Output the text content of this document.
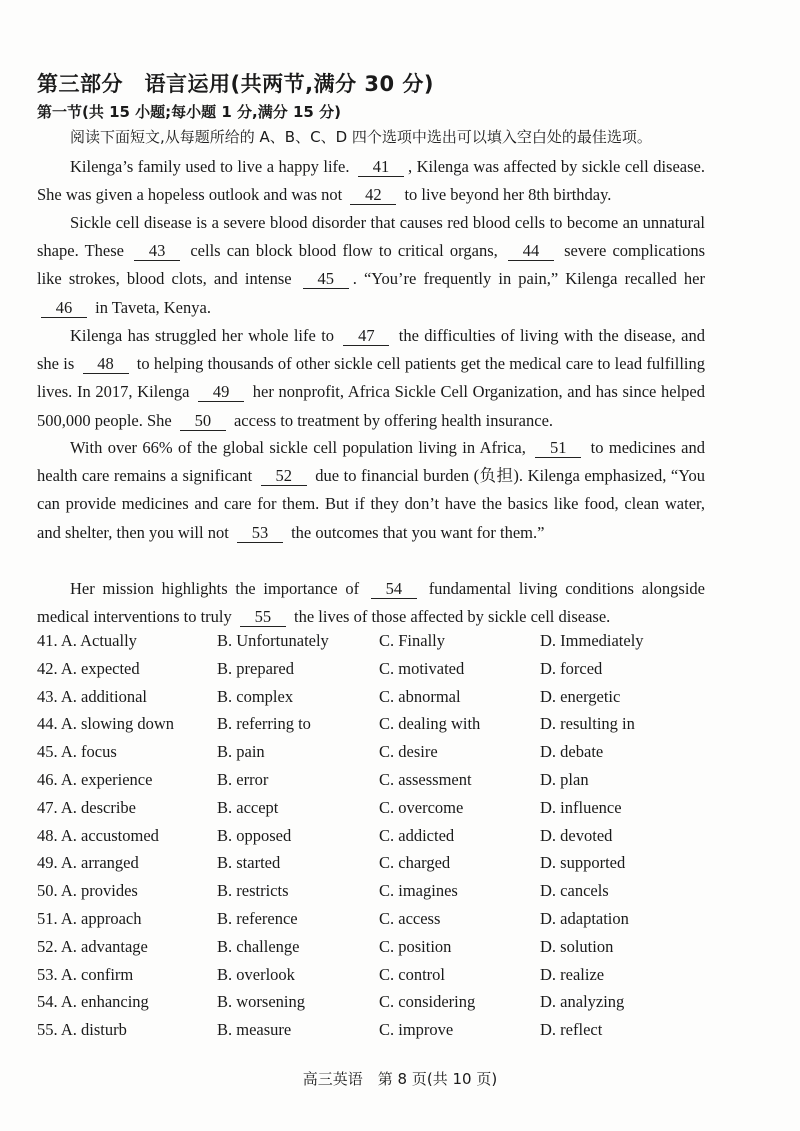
第三部分　语言运用(共两节,满分 30 分)
第一节(共 15 小题;每小题 1 分,满分 15 分)
阅读下面短文,从每题所给的 A、B、C、D 四个选项中选出可以填入空白处的最佳选项。
Kilenga’s family used to live a happy life. 41 , Kilenga was affected by sickle cell disease. She was given a hopeless outlook and was not 42 to live beyond her 8th birthday.
Sickle cell disease is a severe blood disorder that causes red blood cells to become an unnatural shape. These 43 cells can block blood flow to critical organs, 44 severe complications like strokes, blood clots, and intense 45 . “You’re frequently in pain,” Kilenga recalled her 46 in Taveta, Kenya.
Kilenga has struggled her whole life to 47 the difficulties of living with the disease, and she is 48 to helping thousands of other sickle cell patients get the medical care to lead fulfilling lives. In 2017, Kilenga 49 her nonprofit, Africa Sickle Cell Organization, and has since helped 500,000 people. She 50 access to treatment by offering health insurance.
With over 66% of the global sickle cell population living in Africa, 51 to medicines and health care remains a significant 52 due to financial burden (负担). Kilenga emphasized, “You can provide medicines and care for them. But if they don’t have the basics like food, clean water, and shelter, then you will not 53 the outcomes that you want for them.”
Her mission highlights the importance of 54 fundamental living conditions alongside medical interventions to truly 55 the lives of those affected by sickle cell disease.
41. A. Actually	B. Unfortunately	C. Finally	D. Immediately
42. A. expected	B. prepared	C. motivated	D. forced
43. A. additional	B. complex	C. abnormal	D. energetic
44. A. slowing down	B. referring to	C. dealing with	D. resulting in
45. A. focus	B. pain	C. desire	D. debate
46. A. experience	B. error	C. assessment	D. plan
47. A. describe	B. accept	C. overcome	D. influence
48. A. accustomed	B. opposed	C. addicted	D. devoted
49. A. arranged	B. started	C. charged	D. supported
50. A. provides	B. restricts	C. imagines	D. cancels
51. A. approach	B. reference	C. access	D. adaptation
52. A. advantage	B. challenge	C. position	D. solution
53. A. confirm	B. overlook	C. control	D. realize
54. A. enhancing	B. worsening	C. considering	D. analyzing
55. A. disturb	B. measure	C. improve	D. reflect
高三英语　第 8 页(共 10 页)
